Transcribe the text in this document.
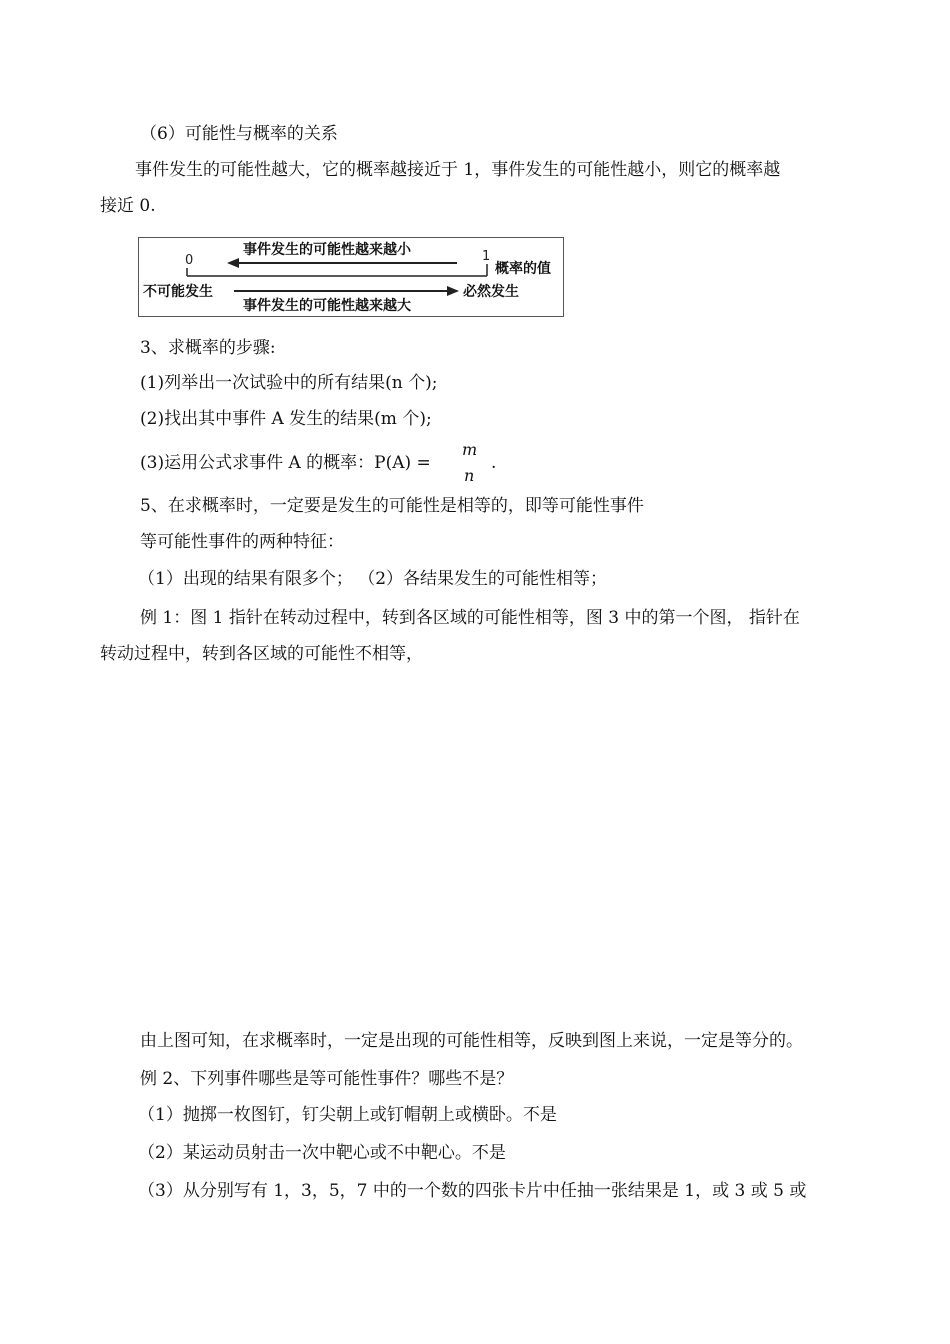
（6）可能性与概率的关系
事件发生的可能性越大，它的概率越接近于 1，事件发生的可能性越小，则它的概率越
接近 0.
0	1
事件发生的可能性越来越小
概率的值
不可能发生
事件发生的可能性越来越大
必然发生
3、求概率的步骤:
(1)列举出一次试验中的所有结果(n 个);
(2)找出其中事件 A 发生的结果(m 个);
(3)运用公式求事件 A 的概率：P(A) =
m
n
.
5、在求概率时，一定要是发生的可能性是相等的，即等可能性事件
等可能性事件的两种特征：
（1）出现的结果有限多个； （2）各结果发生的可能性相等；
例 1：图 1 指针在转动过程中，转到各区域的可能性相等，图 3 中的第一个图， 指针在
转动过程中，转到各区域的可能性不相等，
由上图可知，在求概率时，一定是出现的可能性相等，反映到图上来说，一定是等分的。
例 2、下列事件哪些是等可能性事件？哪些不是？
（1）抛掷一枚图钉，钉尖朝上或钉帽朝上或横卧。不是
（2）某运动员射击一次中靶心或不中靶心。不是
（3）从分别写有 1，3，5，7 中的一个数的四张卡片中任抽一张结果是 1，或 3 或 5 或
